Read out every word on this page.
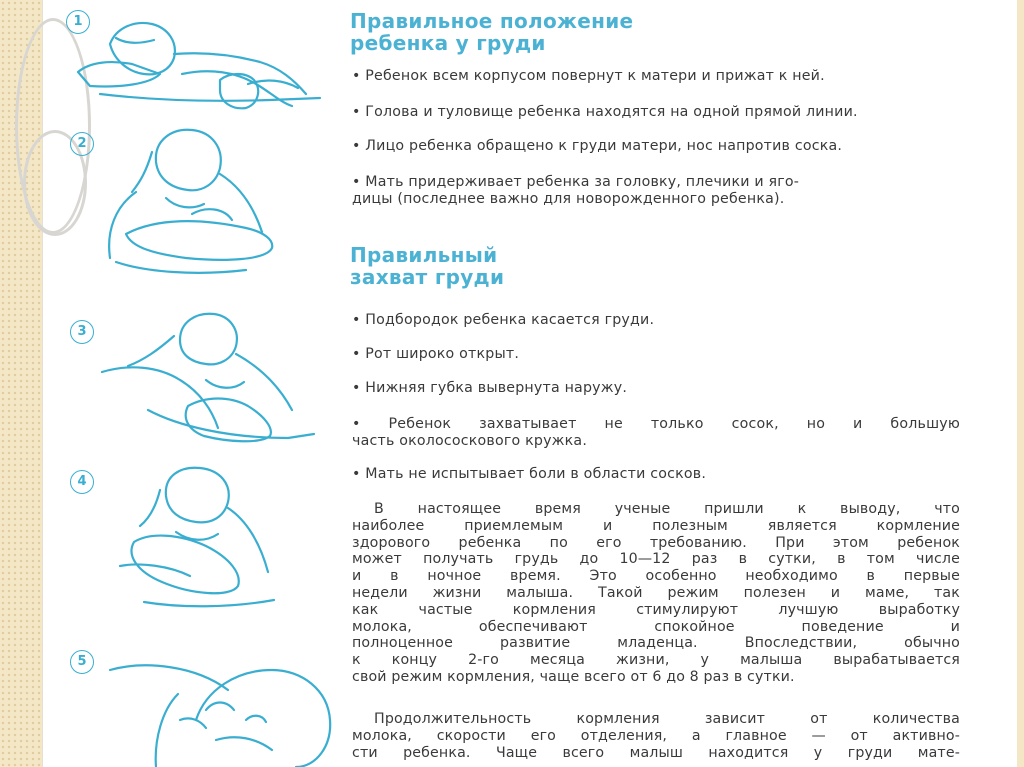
1
2
3
4
5
Правильное положение
ребенка у груди
• Ребенок всем корпусом повернут к матери и прижат к ней.
• Голова и туловище ребенка находятся на одной прямой линии.
• Лицо ребенка обращено к груди матери, нос напротив соска.
• Мать придерживает ребенка за головку, плечики и яго-
дицы (последнее важно для новорожденного ребенка).
Правильный
захват груди
• Подбородок ребенка касается груди.
• Рот широко открыт.
• Нижняя губка вывернута наружу.
• Ребенок захватывает не только сосок, но и большую
часть околососкового кружка.
• Мать не испытывает боли в области сосков.
В настоящее время ученые пришли к выводу, что
наиболее приемлемым и полезным является кормление
здорового ребенка по его требованию. При этом ребенок
может получать грудь до 10—12 раз в сутки, в том числе
и в ночное время. Это особенно необходимо в первые
недели жизни малыша. Такой режим полезен и маме, так
как частые кормления стимулируют лучшую выработку
молока, обеспечивают спокойное поведение и
полноценное развитие младенца. Впоследствии, обычно
к концу 2-го месяца жизни, у малыша вырабатывается
свой режим кормления, чаще всего от 6 до 8 раз в сутки.
Продолжительность кормления зависит от количества
молока, скорости его отделения, а главное — от активно-
сти ребенка. Чаще всего малыш находится у груди мате-
